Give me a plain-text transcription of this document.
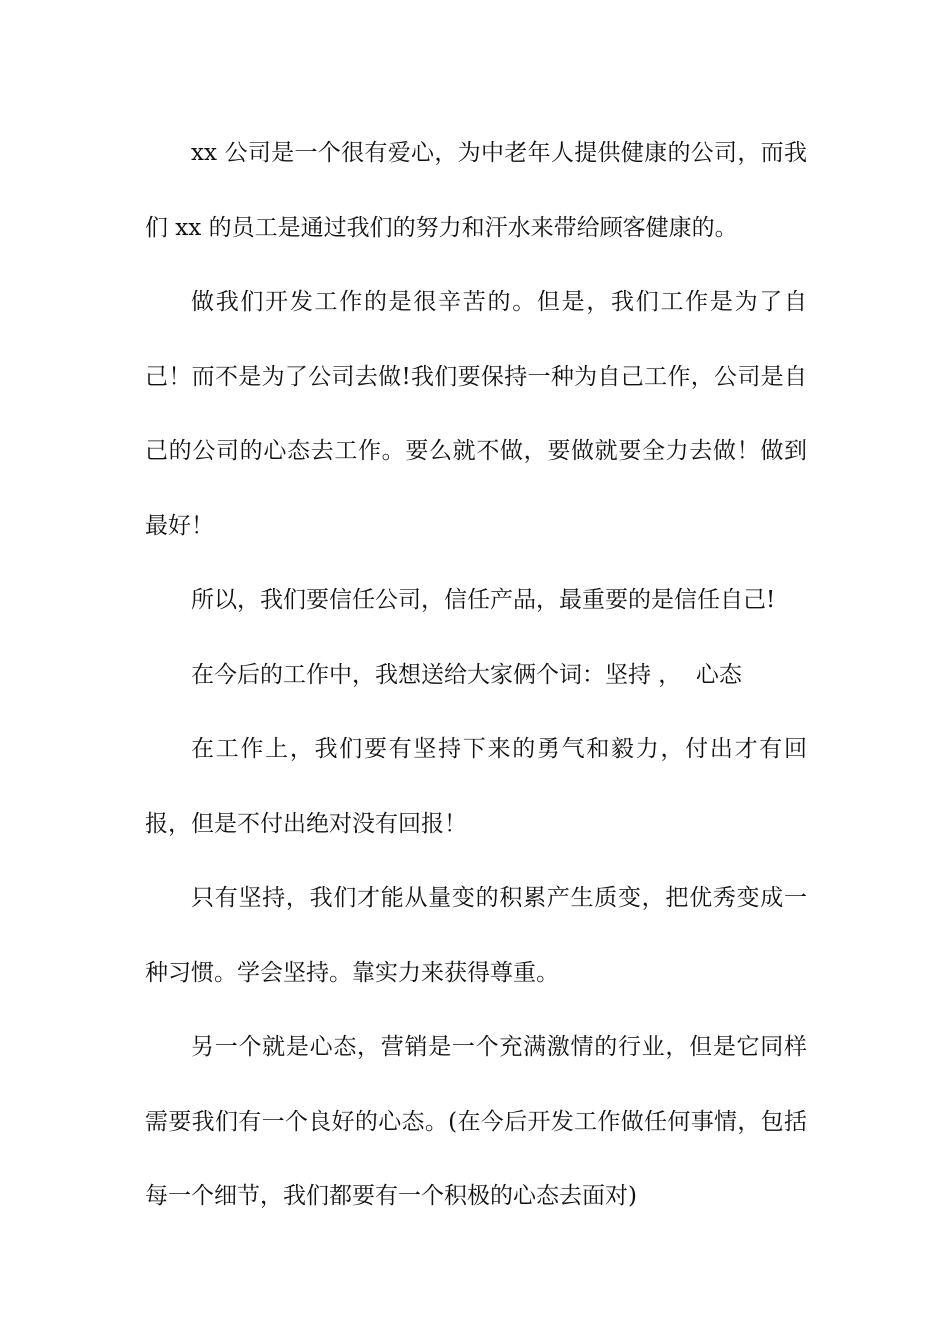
xx 公司是一个很有爱心，为中老年人提供健康的公司，而我们 xx 的员工是通过我们的努力和汗水来带给顾客健康的。

做我们开发工作的是很辛苦的。但是，我们工作是为了自己！而不是为了公司去做!我们要保持一种为自己工作，公司是自己的公司的心态去工作。要么就不做，要做就要全力去做！做到最好！

所以，我们要信任公司，信任产品，最重要的是信任自己!

在今后的工作中，我想送给大家俩个词：坚持 ，  心态

在工作上，我们要有坚持下来的勇气和毅力，付出才有回报，但是不付出绝对没有回报！

只有坚持，我们才能从量变的积累产生质变，把优秀变成一种习惯。学会坚持。靠实力来获得尊重。

另一个就是心态，营销是一个充满激情的行业，但是它同样需要我们有一个良好的心态。(在今后开发工作做任何事情，包括每一个细节，我们都要有一个积极的心态去面对)
